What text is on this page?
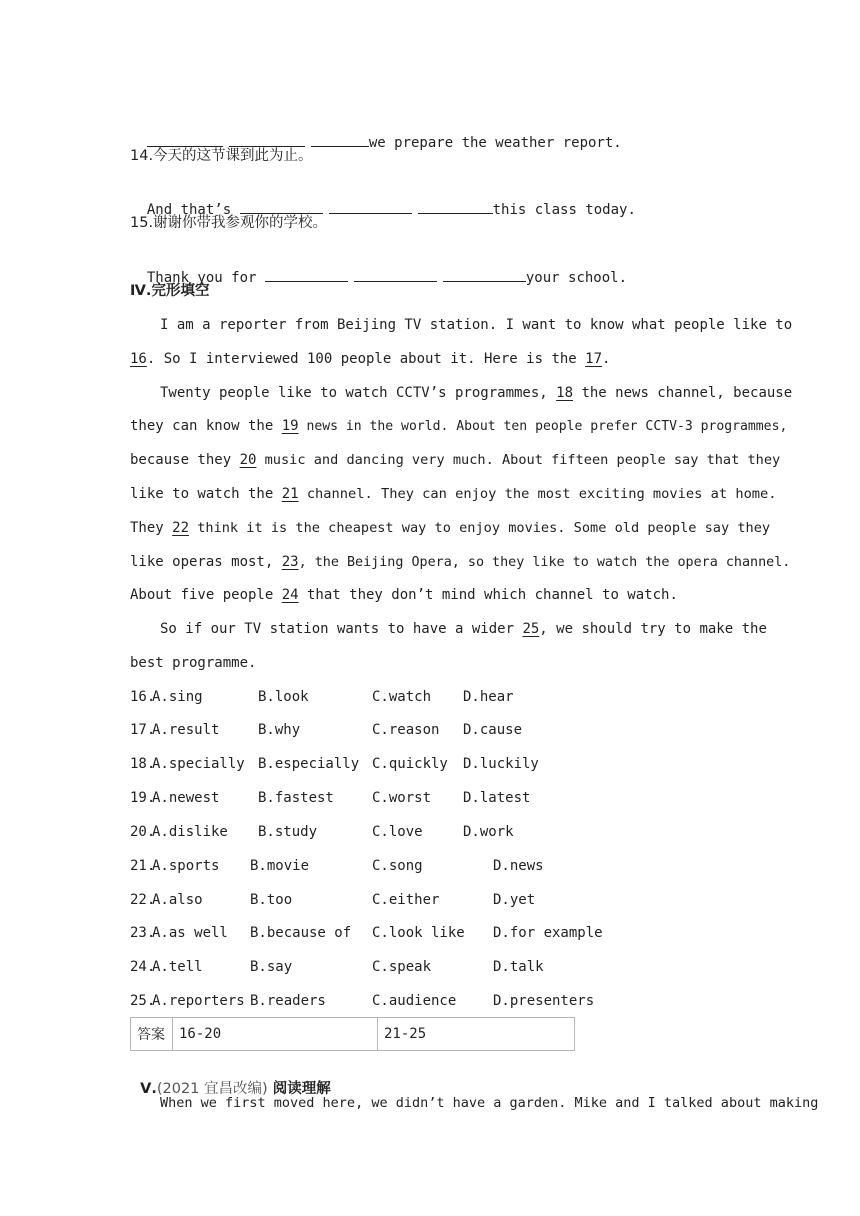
we prepare the weather report.

14.今天的这节课到此为止。

And that’s	this class today.

15.谢谢你带我参观你的学校。

Thank you for	your school.

Ⅳ.完形填空
I am a reporter from Beijing TV station. I want to know what people like to
16. So I interviewed 100 people about it. Here is the 17.
Twenty people like to watch CCTV’s programmes, 18 the news channel, because
they can know the 19 news in the world. About ten people prefer CCTV-3 programmes,
because they 20 music and dancing very much. About fifteen people say that they
like to watch the 21 channel. They can enjoy the most exciting movies at home.
They 22 think it is the cheapest way to enjoy movies. Some old people say they
like operas most, 23, the Beijing Opera, so they like to watch the opera channel.
About five people 24 that they don’t mind which channel to watch.
So if our TV station wants to have a wider 25, we should try to make the
best programme.
16.
A.sing	B.look	C.watch D.hear
17.
A.result	B.why	C.reason D.cause
18.
A.specially B.especially C.quickly D.luckily
19.
A.newest	B.fastest	C.worst D.latest
20.
A.dislike B.study	C.love	D.work
21.
A.sports B.movie	C.song	D.news
22.
A.also	B.too	C.either	D.yet
23.
A.as well B.because of C.look like D.for example
24.
A.tell	B.say	C.speak	D.talk
25.
A.reporters B.readers	C.audience	D.presenters
答案	16-20	21-25

Ⅴ.(2021 宜昌改编) 阅读理解

When we first moved here, we didn’t have a garden. Mike and I talked about making
